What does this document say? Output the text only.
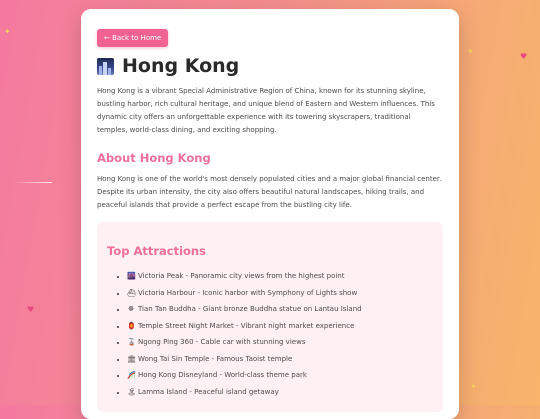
✦
✦
♥
♥
✦
← Back to Home
Hong Kong

Hong Kong is a vibrant Special Administrative Region of China, known for its stunning skyline, bustling harbor, rich cultural heritage, and unique blend of Eastern and Western influences. This dynamic city offers an unforgettable experience with its towering skyscrapers, traditional temples, world-class dining, and exciting shopping.

About Hong Kong

Hong Kong is one of the world's most densely populated cities and a major global financial center. Despite its urban intensity, the city also offers beautiful natural landscapes, hiking trails, and peaceful islands that provide a perfect escape from the bustling city life.

Top Attractions
• 🌆 Victoria Peak - Panoramic city views from the highest point
• ⛴ Victoria Harbour - Iconic harbor with Symphony of Lights show
• ☸ Tian Tan Buddha - Giant bronze Buddha statue on Lantau Island
• 🏮 Temple Street Night Market - Vibrant night market experience
• 🚡 Ngong Ping 360 - Cable car with stunning views
• 🏛 Wong Tai Sin Temple - Famous Taoist temple
• 🎢 Hong Kong Disneyland - World-class theme park
• 🏝 Lamma Island - Peaceful island getaway
